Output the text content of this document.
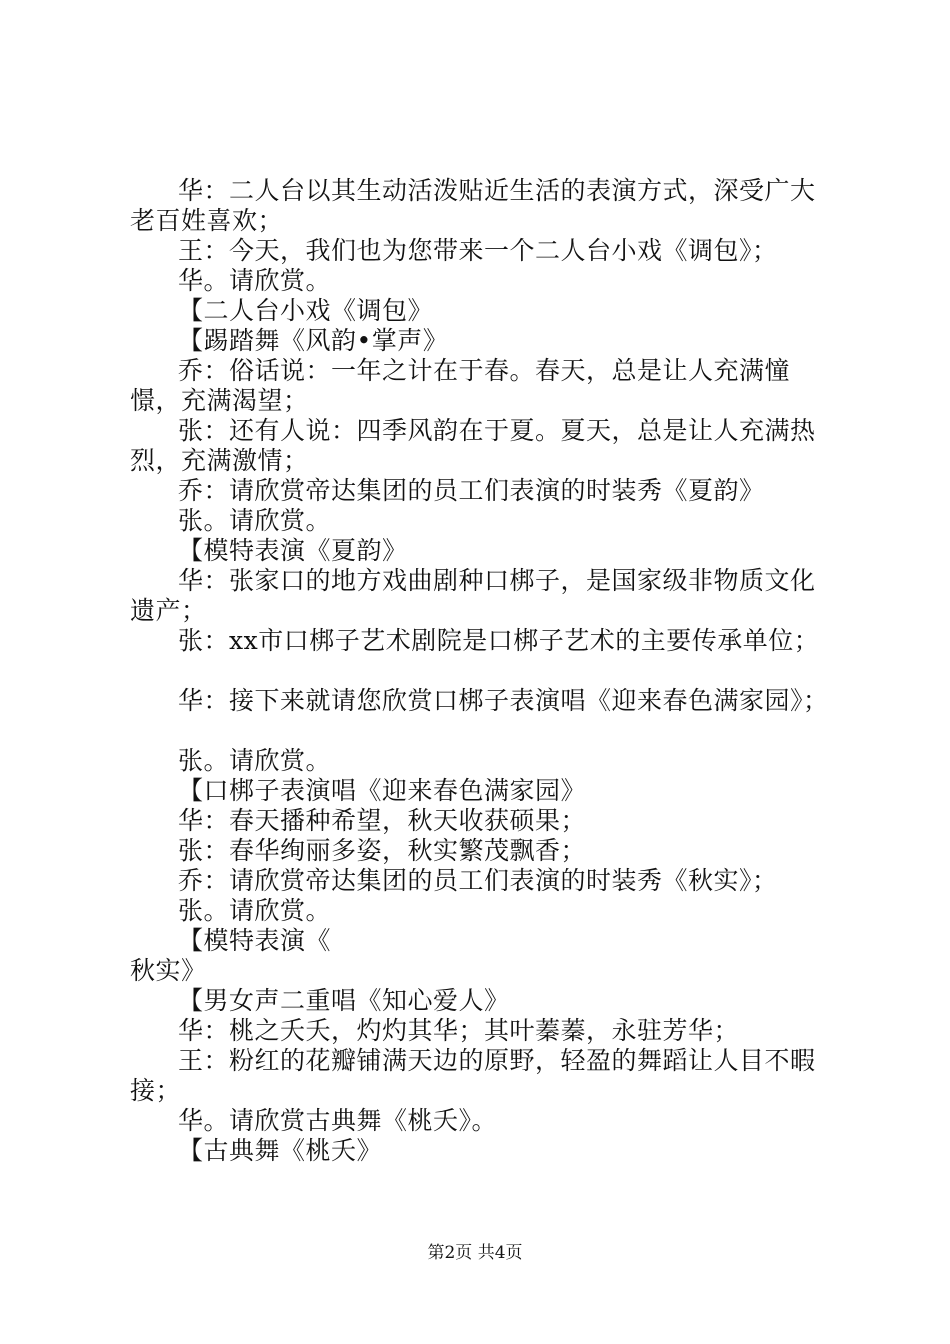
华：二人台以其生动活泼贴近生活的表演方式，深受广大老百姓喜欢；

王：今天，我们也为您带来一个二人台小戏《调包》；

华。请欣赏。

【二人台小戏《调包》

【踢踏舞《风韵•掌声》

乔：俗话说：一年之计在于春。春天，总是让人充满憧憬，充满渴望；

张：还有人说：四季风韵在于夏。夏天，总是让人充满热烈，充满激情；

乔：请欣赏帝达集团的员工们表演的时装秀《夏韵》

张。请欣赏。

【模特表演《夏韵》

华：张家口的地方戏曲剧种口梆子，是国家级非物质文化遗产；

张：xx市口梆子艺术剧院是口梆子艺术的主要传承单位；

华：接下来就请您欣赏口梆子表演唱《迎来春色满家园》；

张。请欣赏。

【口梆子表演唱《迎来春色满家园》

华：春天播种希望，秋天收获硕果；

张：春华绚丽多姿，秋实繁茂飘香；

乔：请欣赏帝达集团的员工们表演的时装秀《秋实》；

张。请欣赏。

【模特表演《

秋实》

【男女声二重唱《知心爱人》

华：桃之夭夭，灼灼其华；其叶蓁蓁，永驻芳华；

王：粉红的花瓣铺满天边的原野，轻盈的舞蹈让人目不暇接；

华。请欣赏古典舞《桃夭》。

【古典舞《桃夭》

第2页 共4页
